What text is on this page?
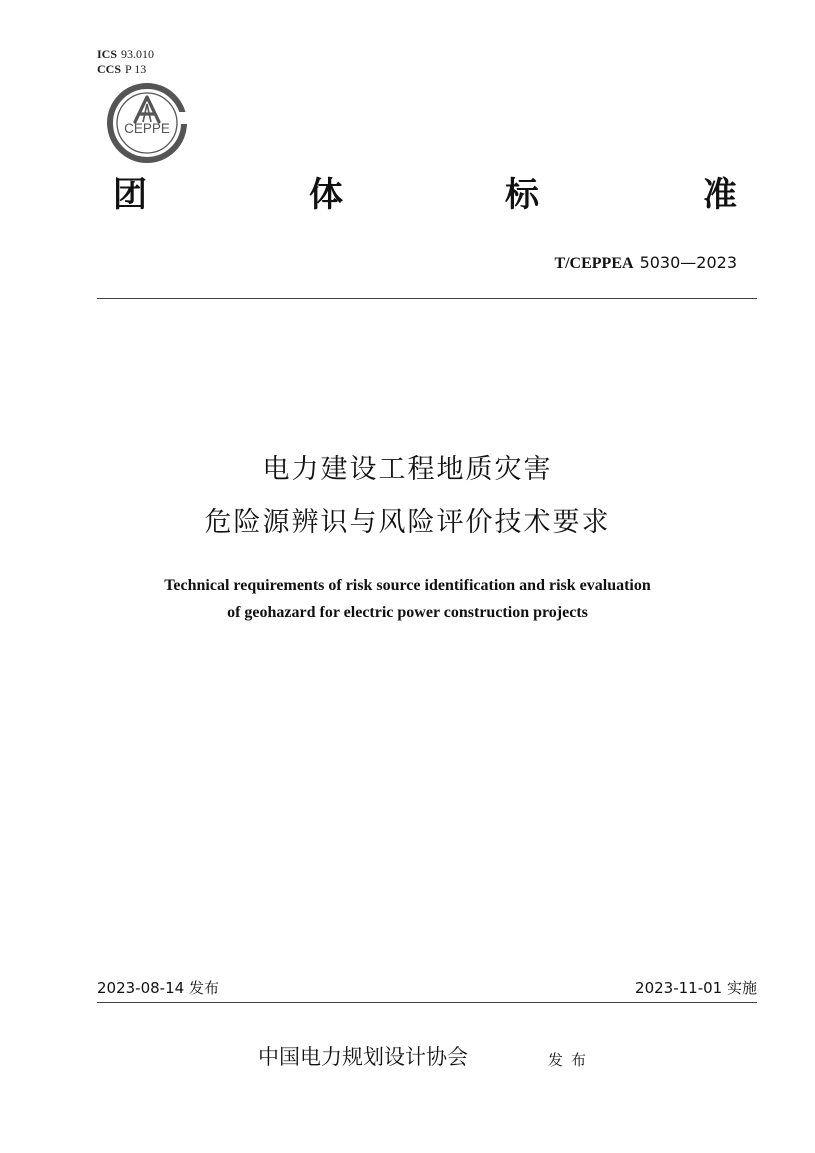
ICS 93.010
CCS P 13
CEPPE
团	体	标	准
T/CEPPEA 5030—2023
电力建设工程地质灾害
危险源辨识与风险评价技术要求
Technical requirements of risk source identification and risk evaluation
of geohazard for electric power construction projects
2023-08-14 发布	2023-11-01 实施
中国电力规划设计协会	发布
